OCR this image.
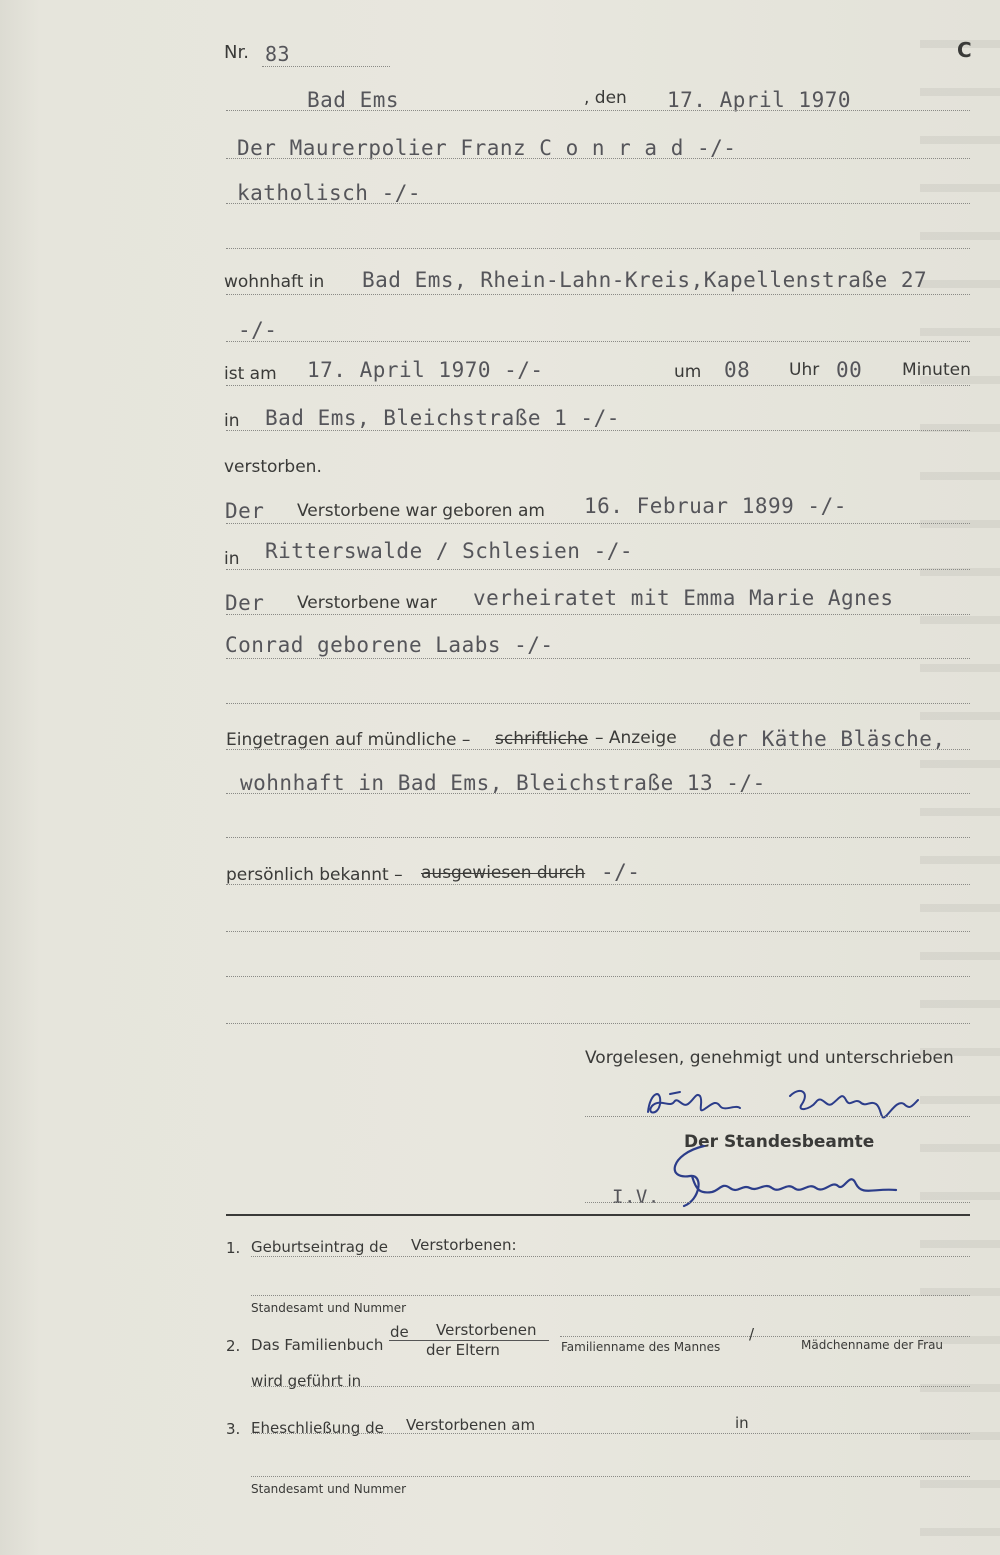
Nr. 83	C
Bad Ems	, den 17. April 1970
Der Maurerpolier Franz C o n r a d -/-
katholisch -/-
wohnhaft in Bad Ems, Rhein-Lahn-Kreis,Kapellenstraße 27
-/-
ist am 17. April 1970 -/-	um 08 Uhr 00 Minuten
in Bad Ems, Bleichstraße 1 -/-
verstorben.
Der Verstorbene war geboren am 16. Februar 1899 -/-
in Ritterswalde / Schlesien -/-
Der Verstorbene war verheiratet mit Emma Marie Agnes
Conrad geborene Laabs -/-
Eingetragen auf mündliche – schriftliche – Anzeige der Käthe Bläsche,
wohnhaft in Bad Ems, Bleichstraße 13 -/-
persönlich bekannt – ausgewiesen durch -/-
Vorgelesen, genehmigt und unterschrieben
Der Standesbeamte
I.V.
1. Geburtseintrag de Verstorbenen:
Standesamt und Nummer
2. Das Familienbuch
de Verstorbenen
der Eltern	Familienname des Mannes
/
Mädchenname der Frau
wird geführt in
3. Eheschließung de Verstorbenen am	in
Standesamt und Nummer
